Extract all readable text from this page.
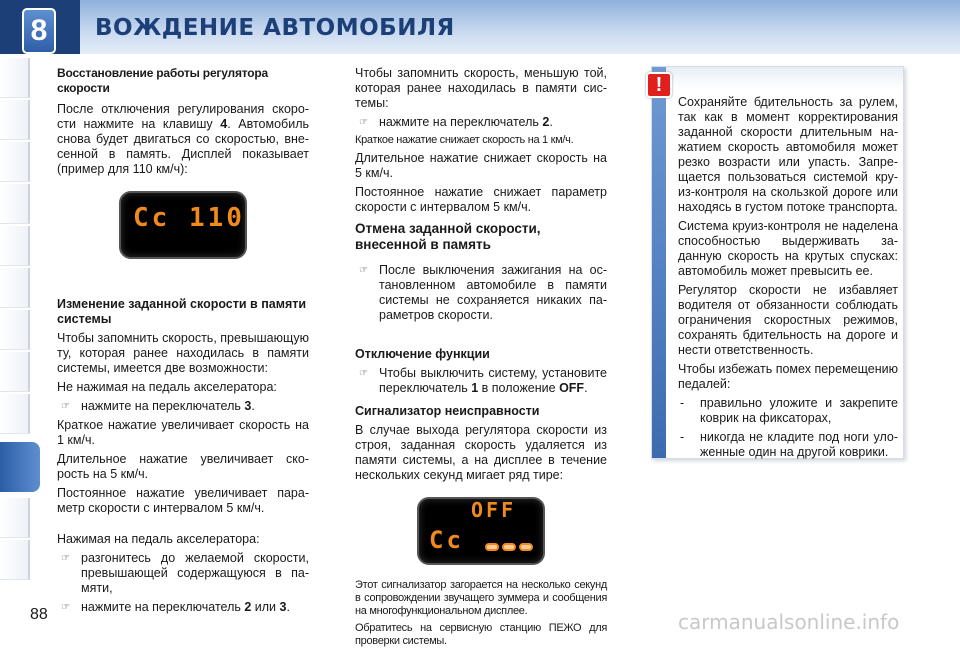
8	ВОЖДЕНИЕ АВТОМОБИЛЯ
Восстановление работы регулятора скорости
После отключения регулирования скорости нажмите на клавишу 4. Автомобиль снова будет двигаться со скоростью, внесенной в память. Дисплей показывает (пример для 110 км/ч):
Cc 110
Изменение заданной скорости в памяти системы
Чтобы запомнить скорость, превышающую ту, которая ранее находилась в памяти системы, имеется две возможности:
Не нажимая на педаль акселератора:
☞ нажмите на переключатель 3.
Краткое нажатие увеличивает скорость на 1 км/ч.
Длительное нажатие увеличивает скорость на 5 км/ч.
Постоянное нажатие увеличивает параметр скорости с интервалом 5 км/ч.
Нажимая на педаль акселератора:
☞ разгонитесь до желаемой скорости, превышающей содержащуюся в памяти,
☞ нажмите на переключатель 2 или 3.
Чтобы запомнить скорость, меньшую той, которая ранее находилась в памяти системы:
☞ нажмите на переключатель 2.
Краткое нажатие снижает скорость на 1 км/ч.
Длительное нажатие снижает скорость на 5 км/ч.
Постоянное нажатие снижает параметр скорости с интервалом 5 км/ч.
Отмена заданной скорости, внесенной в память
☞ После выключения зажигания на остановленном автомобиле в памяти системы не сохраняется никаких параметров скорости.
Отключение функции
☞ Чтобы выключить систему, установите переключатель 1 в положение OFF.
Сигнализатор неисправности
В случае выхода регулятора скорости из строя, заданная скорость удаляется из памяти системы, а на дисплее в течение нескольких секунд мигает ряд тире:
OFF
Cc
Этот сигнализатор загорается на несколько секунд в сопровождении звучащего зуммера и сообщения на многофункциональном дисплее.
Обратитесь на сервисную станцию ПЕЖО для проверки системы.
!
Сохраняйте бдительность за рулем, так как в момент корректирования заданной скорости длительным нажатием скорость автомобиля может резко возрасти или упасть. Запрещается пользоваться системой круиз-контроля на скользкой дороге или находясь в густом потоке транспорта.
Система круиз-контроля не наделена способностью выдерживать заданную скорость на крутых спусках: автомобиль может превысить ее.
Регулятор скорости не избавляет водителя от обязанности соблюдать ограничения скоростных режимов, сохранять бдительность на дороге и нести ответственность.
Чтобы избежать помех перемещению педалей:
-	правильно уложите и закрепите коврик на фиксаторах,
-	никогда не кладите под ноги уложенные один на другой коврики.
88	carmanualsonline.info
